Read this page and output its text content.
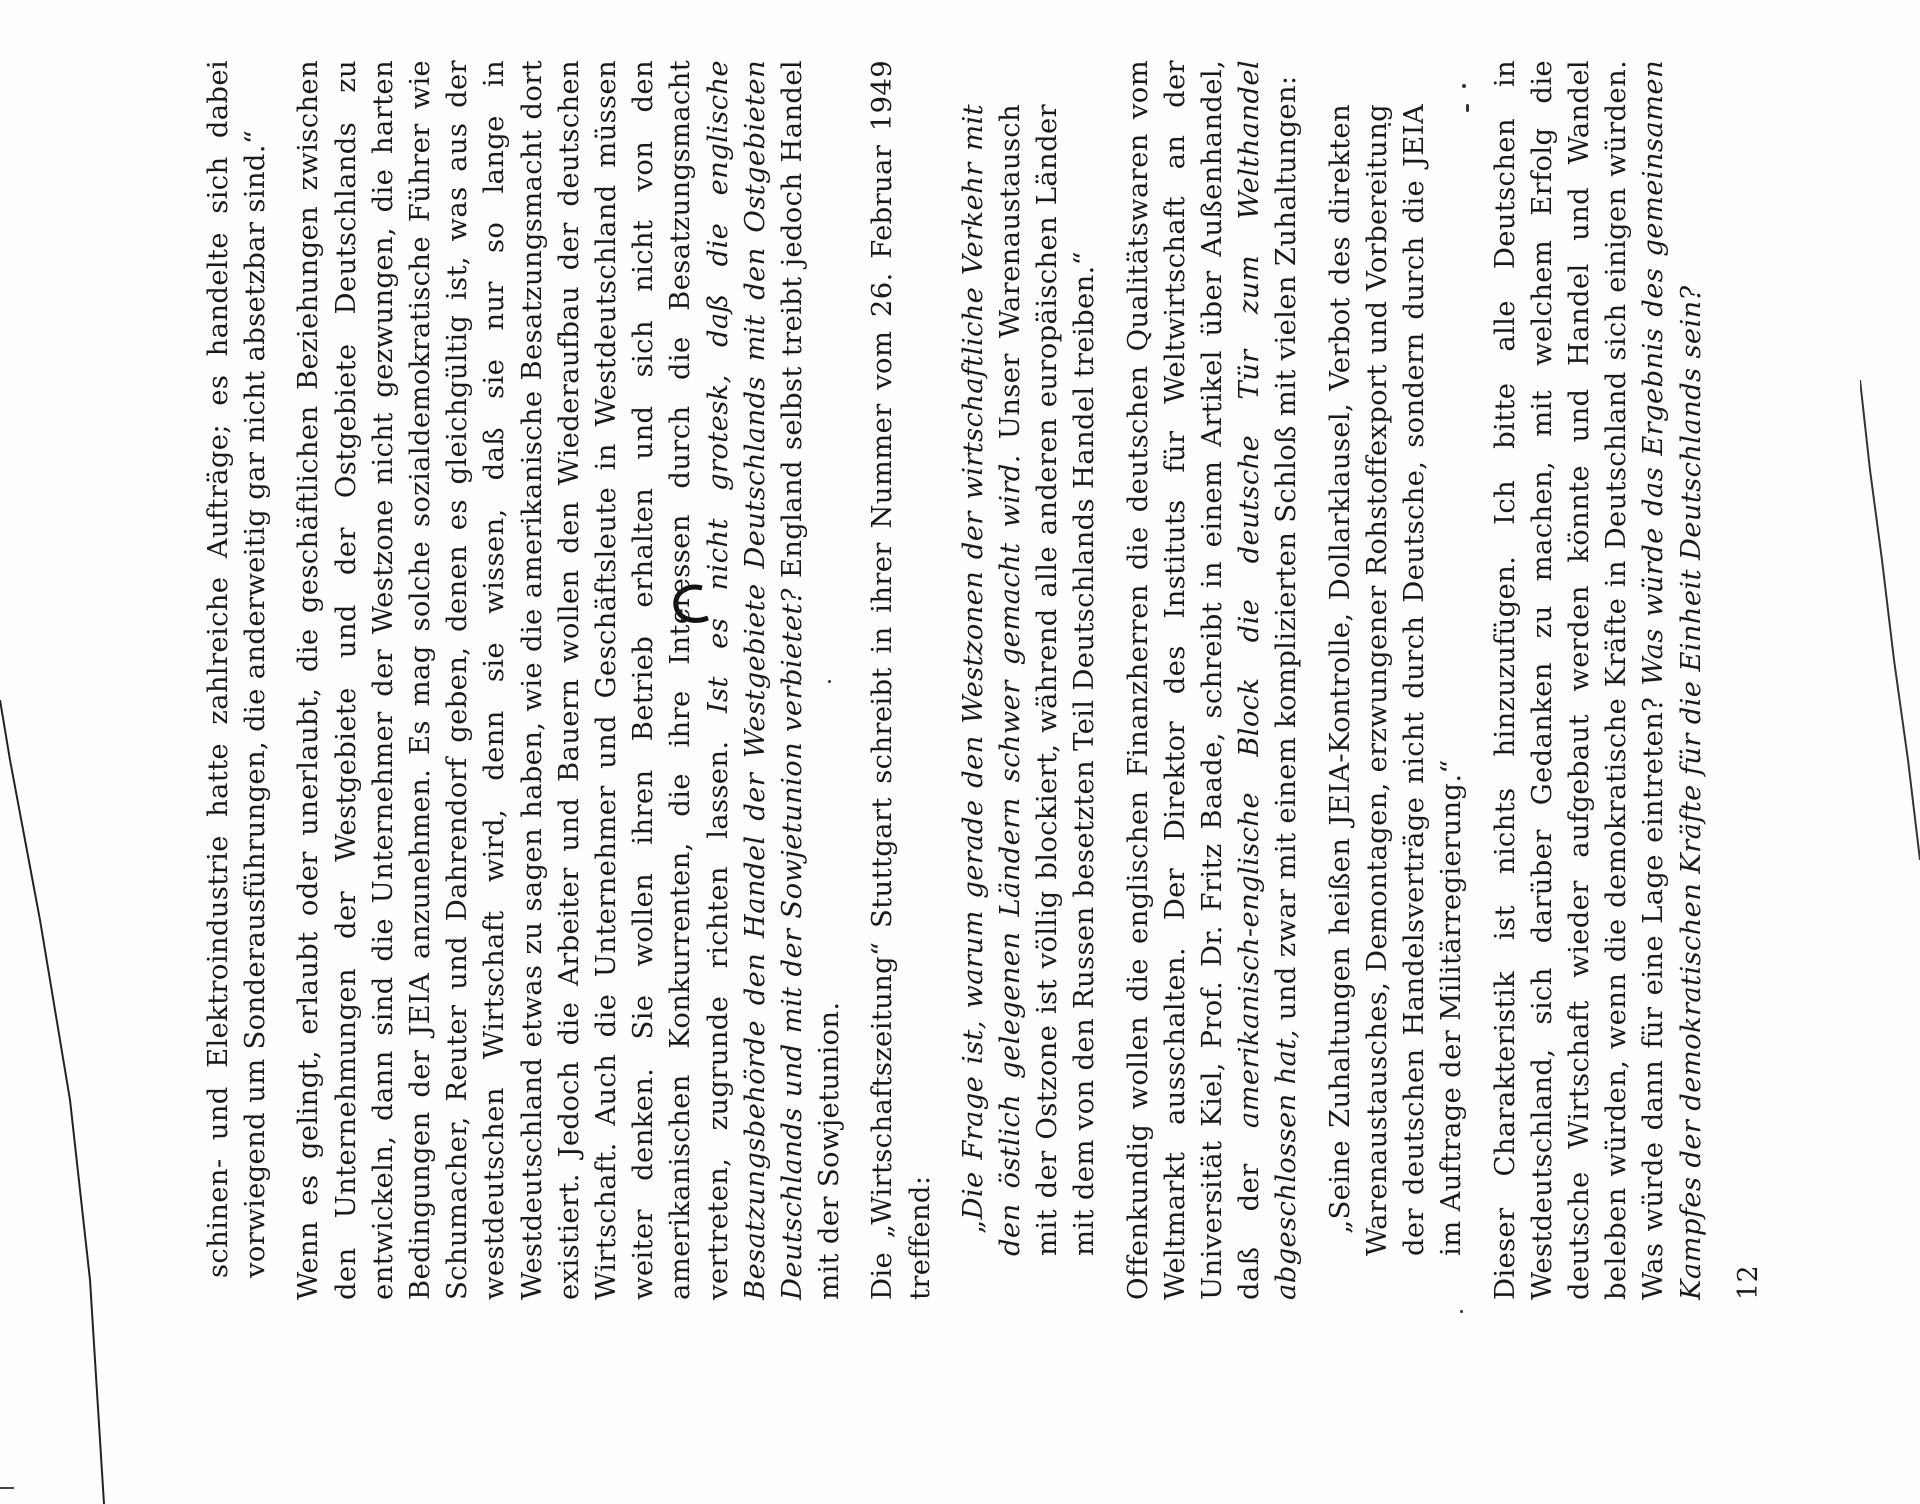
schinen- und Elektroindustrie hatte zahlreiche Aufträge; es handelte sich dabei vorwiegend um Sonderausführungen, die anderweitig gar nicht absetzbar sind.“ Wenn es gelingt, erlaubt oder unerlaubt, die geschäftlichen Beziehungen zwischen den Unternehmungen der Westgebiete und der Ostgebiete Deutschlands zu entwickeln, dann sind die Unternehmer der Westzone nicht gezwungen, die harten Bedingungen der JEIA anzunehmen. Es mag solche sozialdemokratische Führer wie Schumacher, Reuter und Dahrendorf geben, denen es gleichgültig ist, was aus der westdeutschen Wirtschaft wird, denn sie wissen, daß sie nur so lange in Westdeutschland etwas zu sagen haben, wie die amerikanische Besatzungsmacht dort existiert. Jedoch die Arbeiter und Bauern wollen den Wiederaufbau der deutschen Wirtschaft. Auch die Unternehmer und Geschäftsleute in Westdeutschland müssen weiter denken. Sie wollen ihren Betrieb erhalten und sich nicht von den amerikanischen Konkurrenten, die ihre Interessen durch die Besatzungsmacht vertreten, zugrunde richten lassen. Ist es nicht grotesk, daß die englische Besatzungsbehörde den Handel der Westgebiete Deutschlands mit den Ostgebieten Deutschlands und mit der Sowjetunion verbietet? England selbst treibt jedoch Handel mit der Sowjetunion. Die „Wirtschaftszeitung“ Stuttgart schreibt in ihrer Nummer vom 26. Februar 1949 treffend: „Die Frage ist, warum gerade den Westzonen der wirtschaftliche Verkehr mit den östlich gelegenen Ländern schwer gemacht wird. Unser Warenaustausch mit der Ostzone ist völlig blockiert, während alle anderen europäischen Länder mit dem von den Russen besetzten Teil Deutschlands Handel treiben.“ Offenkundig wollen die englischen Finanzherren die deutschen Qualitätswaren vom Weltmarkt ausschalten. Der Direktor des Instituts für Weltwirtschaft an der Universität Kiel, Prof. Dr. Fritz Baade, schreibt in einem Artikel über Außenhandel, daß der amerikanisch-englische Block die deutsche Tür zum Welthandel abgeschlossen hat, und zwar mit einem komplizierten Schloß mit vielen Zuhaltungen: „Seine Zuhaltungen heißen JEIA-Kontrolle, Dollarklausel, Verbot des direkten Warenaustausches, Demontagen, erzwungener Rohstoffexport und Vorbereitung der deutschen Handelsverträge nicht durch Deutsche, sondern durch die JEIA im Auftrage der Militärregierung.“ Dieser Charakteristik ist nichts hinzuzufügen. Ich bitte alle Deutschen in Westdeutschland, sich darüber Gedanken zu machen, mit welchem Erfolg die deutsche Wirtschaft wieder aufgebaut werden könnte und Handel und Wandel beleben würden, wenn die demokratische Kräfte in Deutschland sich einigen würden. Was würde dann für eine Lage eintreten? Was würde das Ergebnis des gemeinsamen Kampfes der demokratischen Kräfte für die Einheit Deutschlands sein? 12
